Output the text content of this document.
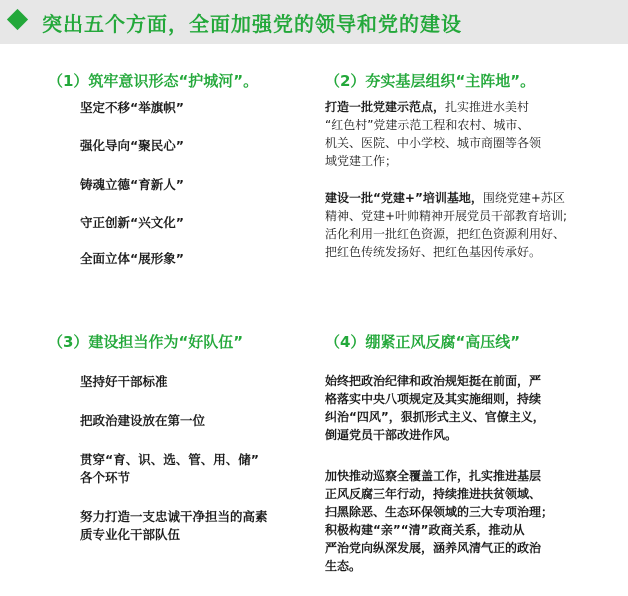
突出五个方面，全面加强党的领导和党的建设
（1）筑牢意识形态“护城河”。
坚定不移“举旗帜”
强化导向“聚民心”
铸魂立德“育新人”
守正创新“兴文化”
全面立体“展形象”
（2）夯实基层组织“主阵地”。
打造一批党建示范点，扎实推进水美村
“红色村”党建示范工程和农村、城市、
机关、医院、中小学校、城市商圈等各领
域党建工作；
建设一批“党建+”培训基地，围绕党建+苏区
精神、党建+叶帅精神开展党员干部教育培训;
活化利用一批红色资源，把红色资源利用好、
把红色传统发扬好、把红色基因传承好。
（3）建设担当作为“好队伍”
坚持好干部标准
把政治建设放在第一位
贯穿“育、识、选、管、用、储”
各个环节
努力打造一支忠诚干净担当的高素
质专业化干部队伍
（4）绷紧正风反腐“高压线”
始终把政治纪律和政治规矩挺在前面，严
格落实中央八项规定及其实施细则，持续
纠治“四风”，狠抓形式主义、官僚主义，
倒逼党员干部改进作风。
加快推动巡察全覆盖工作，扎实推进基层
正风反腐三年行动，持续推进扶贫领域、
扫黑除恶、生态环保领域的三大专项治理；
积极构建“亲”“清”政商关系，推动从
严治党向纵深发展，涵养风清气正的政治
生态。
